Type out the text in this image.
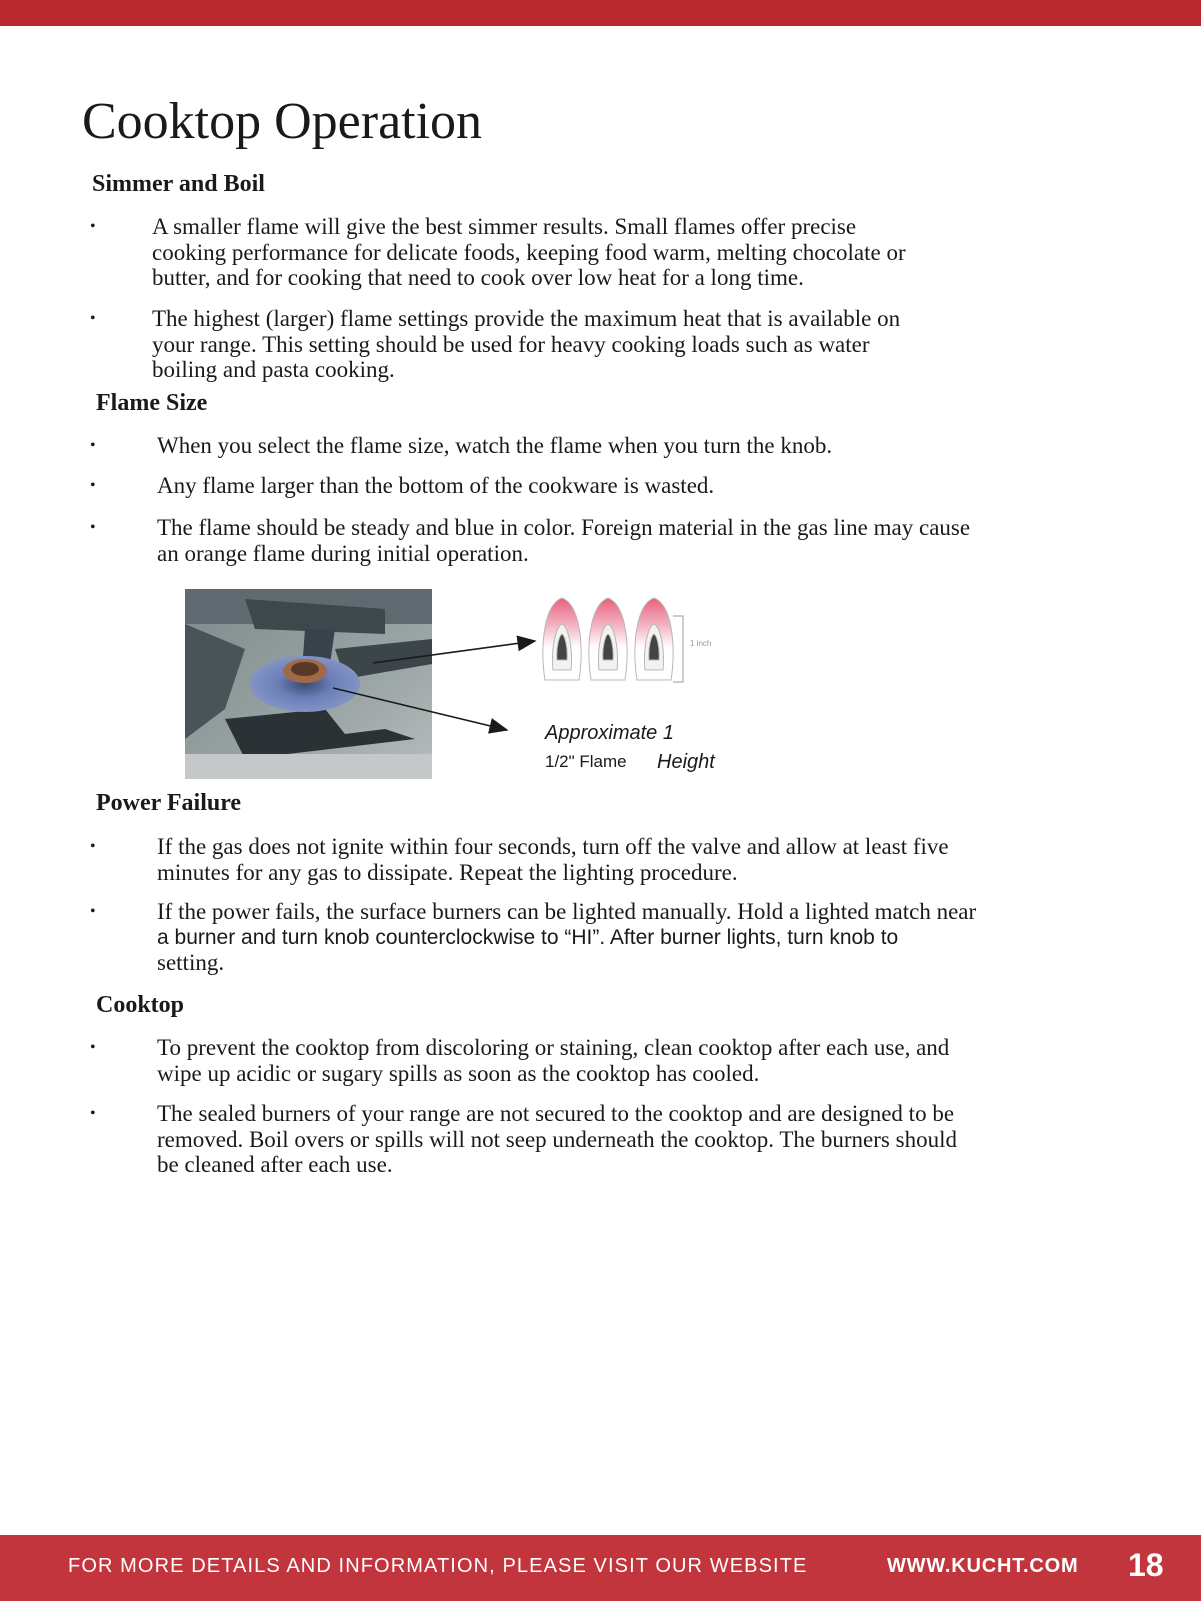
Cooktop Operation
Simmer and Boil
• A smaller flame will give the best simmer results. Small flames offer precise
cooking performance for delicate foods, keeping food warm, melting chocolate or
butter, and for cooking that need to cook over low heat for a long time.
• The highest (larger) flame settings provide the maximum heat that is available on
your range. This setting should be used for heavy cooking loads such as water
boiling and pasta cooking.
Flame Size
•	When you select the flame size, watch the flame when you turn the knob.
•	Any flame larger than the bottom of the cookware is wasted.
•	The flame should be steady and blue in color. Foreign material in the gas line may cause
an orange flame during initial operation.
1 inch
Approximate 1
1/2" Flame Height
Power Failure
•	If the gas does not ignite within four seconds, turn off the valve and allow at least five
minutes for any gas to dissipate. Repeat the lighting procedure.
•	If the power fails, the surface burners can be lighted manually. Hold a lighted match near
a burner and turn knob counterclockwise to “HI”. After burner lights, turn knob to
setting.
Cooktop
•	To prevent the cooktop from discoloring or staining, clean cooktop after each use, and
wipe up acidic or sugary spills as soon as the cooktop has cooled.
•	The sealed burners of your range are not secured to the cooktop and are designed to be
removed. Boil overs or spills will not seep underneath the cooktop. The burners should
be cleaned after each use.
FOR MORE DETAILS AND INFORMATION, PLEASE VISIT OUR WEBSITE	WWW.KUCHT.COM 18
